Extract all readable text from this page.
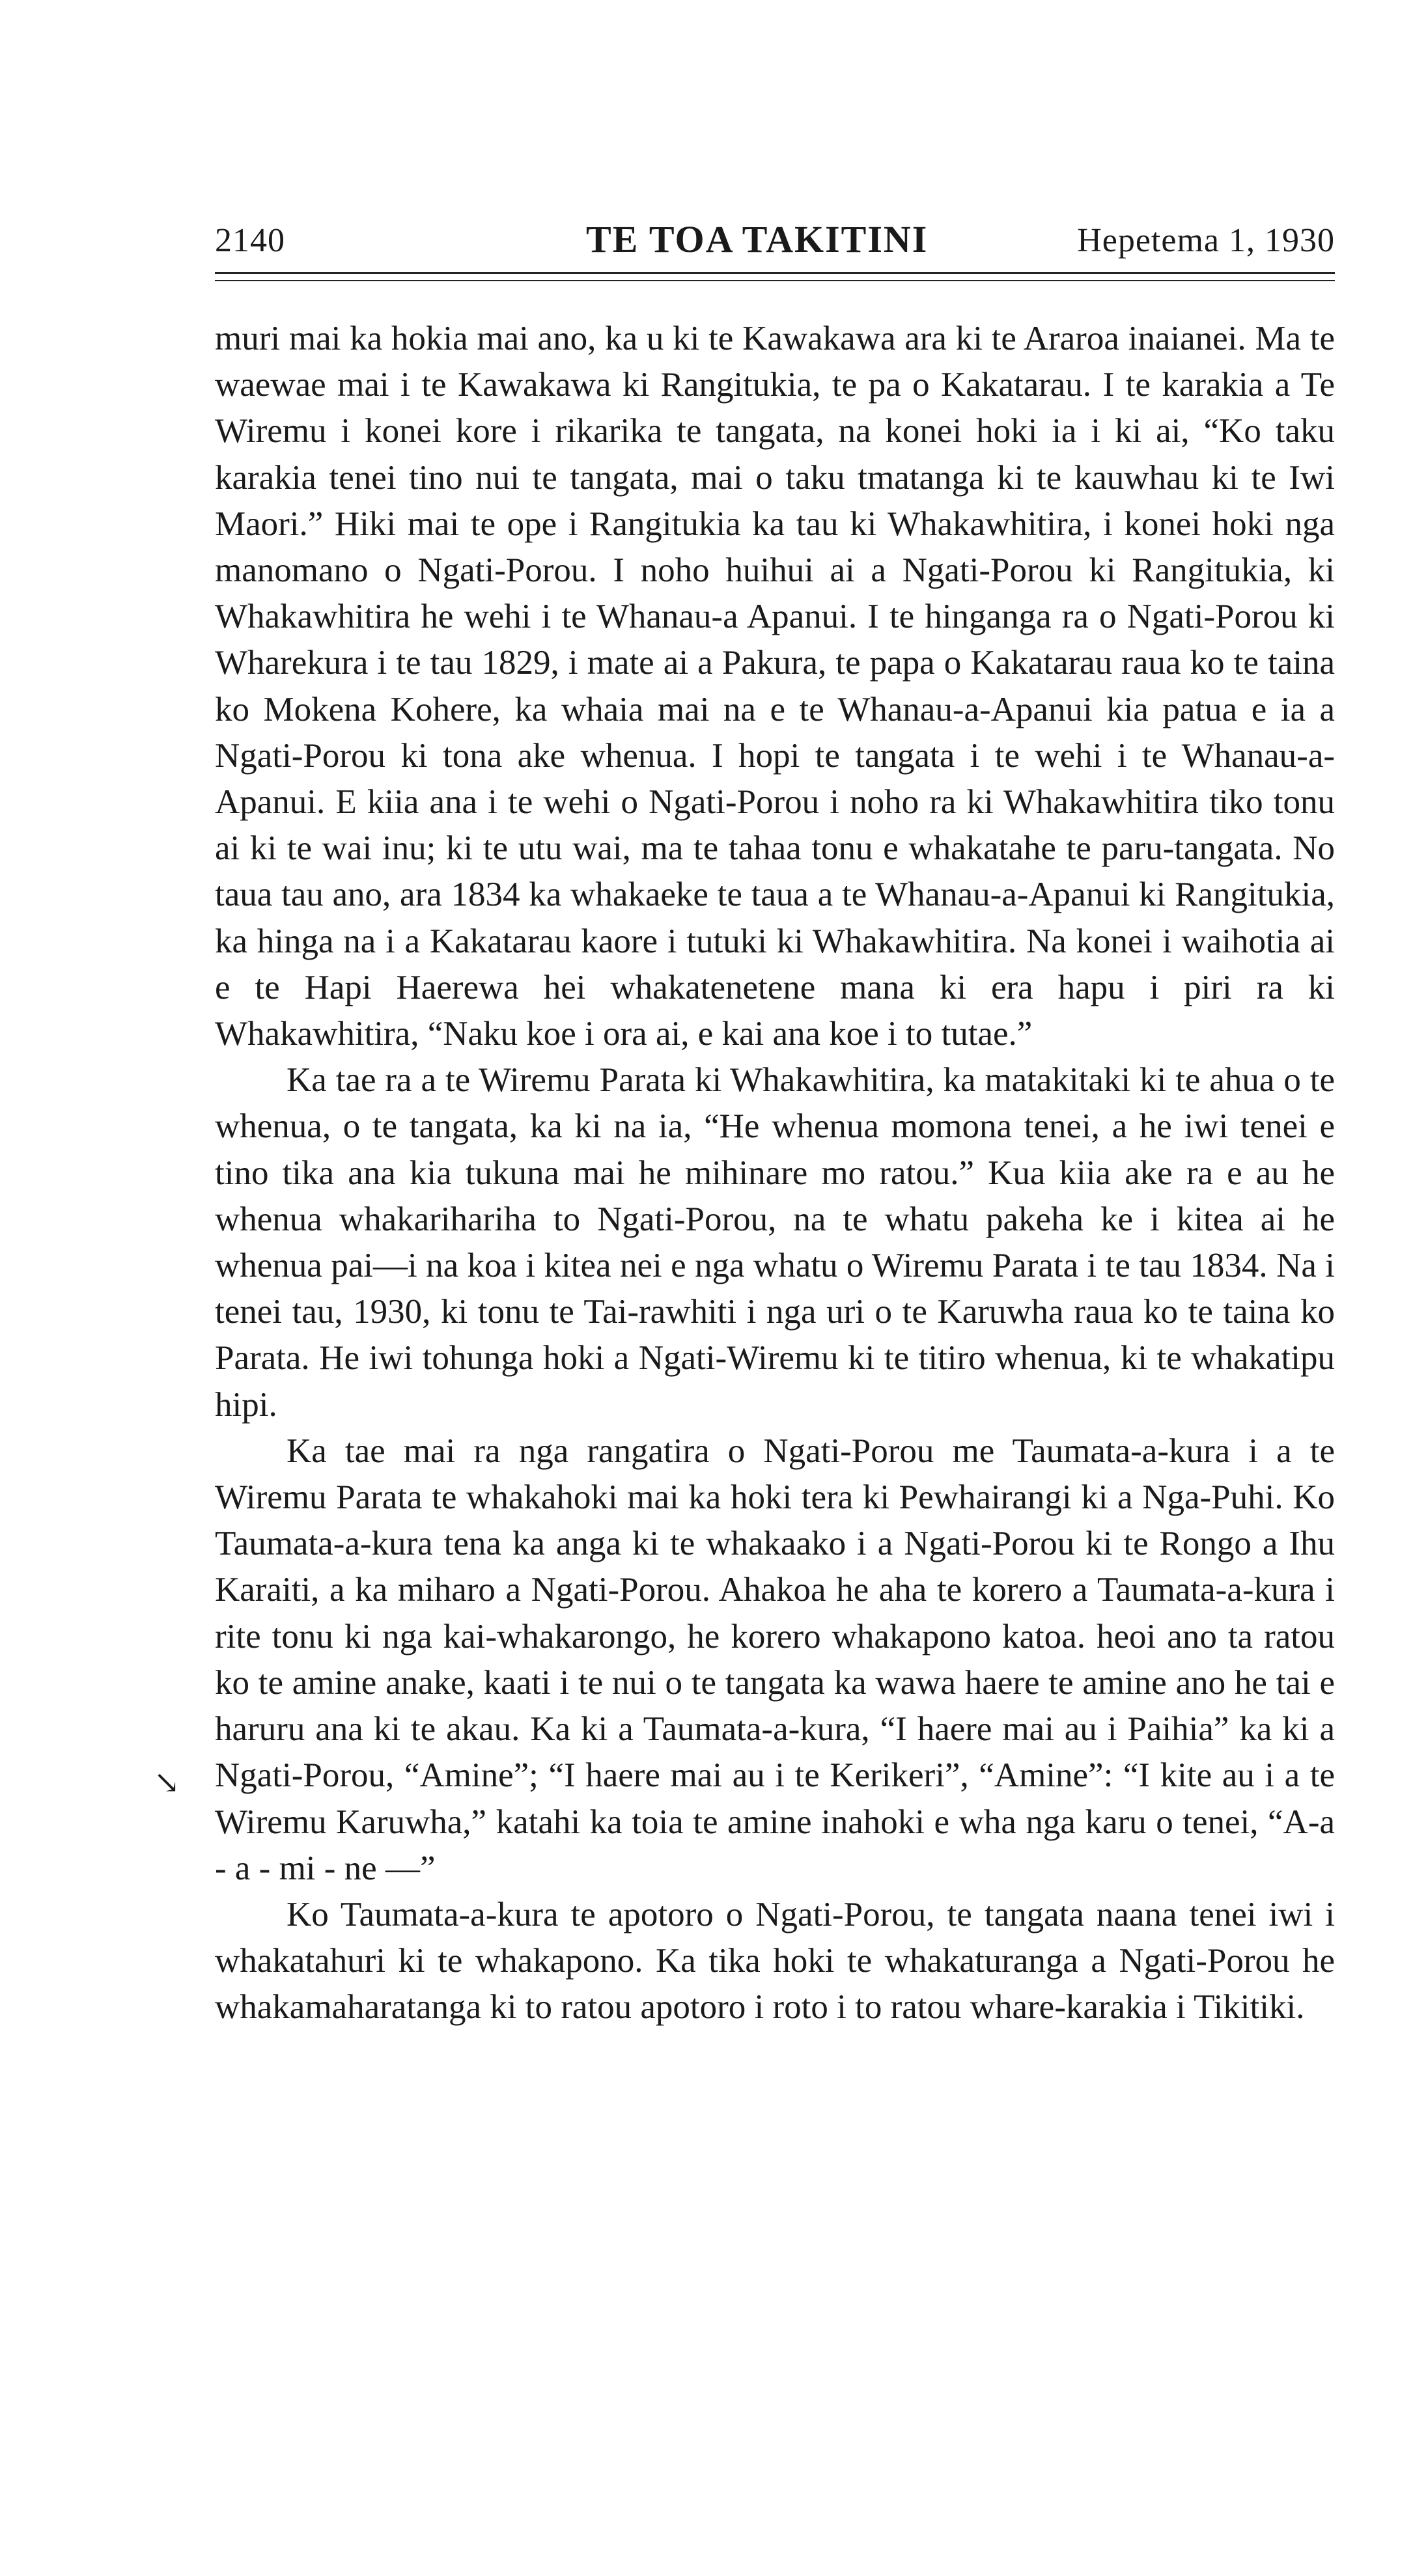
2140	TE TOA TAKITINI	Hepetema 1, 1930

muri mai ka hokia mai ano, ka u ki te Kawakawa ara ki te Araroa inaianei. Ma te waewae mai i te Kawakawa ki Rangitukia, te pa o Kakatarau. I te karakia a Te Wiremu i konei kore i rikarika te tangata, na konei hoki ia i ki ai, “Ko taku karakia tenei tino nui te tangata, mai o taku tmatanga ki te kauwhau ki te Iwi Maori.” Hiki mai te ope i Rangitukia ka tau ki Whakawhitira, i konei hoki nga manomano o Ngati-Porou. I noho huihui ai a Ngati-Porou ki Rangitukia, ki Whakawhitira he wehi i te Whanau-a Apanui. I te hinganga ra o Ngati-Porou ki Wharekura i te tau 1829, i mate ai a Pakura, te papa o Kakatarau raua ko te taina ko Mokena Kohere, ka whaia mai na e te Whanau-a-Apanui kia patua e ia a Ngati-Porou ki tona ake whenua. I hopi te tangata i te wehi i te Whanau-a-Apanui. E kiia ana i te wehi o Ngati-Porou i noho ra ki Whakawhitira tiko tonu ai ki te wai inu; ki te utu wai, ma te tahaa tonu e whakatahe te paru-tangata. No taua tau ano, ara 1834 ka whakaeke te taua a te Whanau-a-Apanui ki Rangitukia, ka hinga na i a Kakatarau kaore i tutuki ki Whakawhitira. Na konei i waihotia ai e te Hapi Haerewa hei whakatenetene mana ki era hapu i piri ra ki Whakawhitira, “Naku koe i ora ai, e kai ana koe i to tutae.”

Ka tae ra a te Wiremu Parata ki Whakawhitira, ka matakitaki ki te ahua o te whenua, o te tangata, ka ki na ia, “He whenua momona tenei, a he iwi tenei e tino tika ana kia tukuna mai he mihinare mo ratou.” Kua kiia ake ra e au he whenua whakarihariha to Ngati-Porou, na te whatu pakeha ke i kitea ai he whenua pai—i na koa i kitea nei e nga whatu o Wiremu Parata i te tau 1834. Na i tenei tau, 1930, ki tonu te Tai-rawhiti i nga uri o te Karuwha raua ko te taina ko Parata. He iwi tohunga hoki a Ngati-Wiremu ki te titiro whenua, ki te whakatipu hipi.

Ka tae mai ra nga rangatira o Ngati-Porou me Taumata-a-kura i a te Wiremu Parata te whakahoki mai ka hoki tera ki Pewhairangi ki a Nga-Puhi. Ko Taumata-a-kura tena ka anga ki te whakaako i a Ngati-Porou ki te Rongo a Ihu Karaiti, a ka miharo a Ngati-Porou. Ahakoa he aha te korero a Taumata-a-kura i rite tonu ki nga kai-whakarongo, he korero whakapono katoa. heoi ano ta ratou ko te amine anake, kaati i te nui o te tangata ka wawa haere te amine ano he tai e haruru ana ki te akau. Ka ki a Taumata-a-kura, “I haere mai au i Paihia” ka ki a Ngati-Porou, “Amine”; “I haere mai au i te Kerikeri”, “Amine”: “I kite au i a te Wiremu Karuwha,” katahi ka toia te amine inahoki e wha nga karu o tenei, “A-a - a - mi - ne —”

Ko Taumata-a-kura te apotoro o Ngati-Porou, te tangata naana tenei iwi i whakatahuri ki te whakapono. Ka tika hoki te whakaturanga a Ngati-Porou he whakamaharatanga ki to ratou apotoro i roto i to ratou whare-karakia i Tikitiki.

↘
